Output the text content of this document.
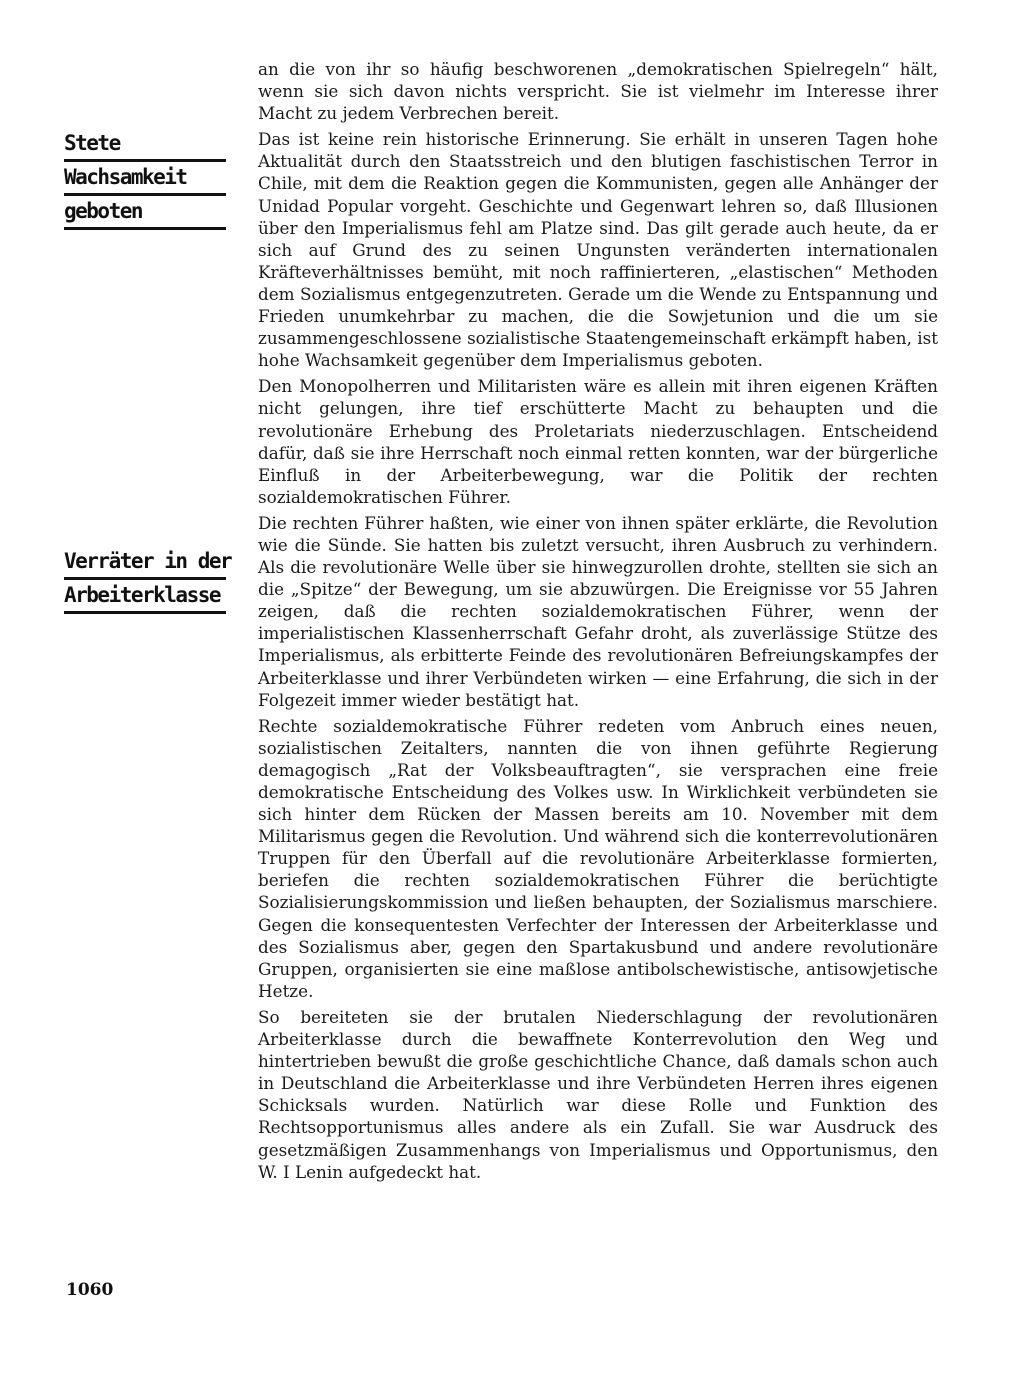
Stete
Wachsamkeit
geboten
Verräter in der
Arbeiterklasse

an die von ihr so häufig beschworenen „demokratischen Spielregeln“ hält, wenn sie sich davon nichts verspricht. Sie ist vielmehr im Interesse ihrer Macht zu jedem Verbrechen bereit.

Das ist keine rein historische Erinnerung. Sie erhält in unseren Tagen hohe Aktualität durch den Staatsstreich und den blutigen faschistischen Terror in Chile, mit dem die Reaktion gegen die Kommunisten, gegen alle Anhänger der Unidad Popular vorgeht. Geschichte und Gegenwart lehren so, daß Illusionen über den Imperialismus fehl am Platze sind. Das gilt gerade auch heute, da er sich auf Grund des zu seinen Ungunsten veränderten internationalen Kräfteverhältnisses bemüht, mit noch raffinierteren, „elastischen“ Methoden dem Sozialismus entgegenzutreten. Gerade um die Wende zu Entspannung und Frieden unumkehrbar zu machen, die die Sowjetunion und die um sie zusammengeschlossene sozialistische Staatengemeinschaft erkämpft haben, ist hohe Wachsamkeit gegenüber dem Imperialismus geboten.

Den Monopolherren und Militaristen wäre es allein mit ihren eigenen Kräften nicht gelungen, ihre tief erschütterte Macht zu behaupten und die revolutionäre Erhebung des Proletariats niederzuschlagen. Entscheidend dafür, daß sie ihre Herrschaft noch einmal retten konnten, war der bürgerliche Einfluß in der Arbeiterbewegung, war die Politik der rechten sozialdemokratischen Führer.

Die rechten Führer haßten, wie einer von ihnen später erklärte, die Revolution wie die Sünde. Sie hatten bis zuletzt versucht, ihren Ausbruch zu verhindern. Als die revolutionäre Welle über sie hinwegzurollen drohte, stellten sie sich an die „Spitze“ der Bewegung, um sie abzuwürgen. Die Ereignisse vor 55 Jahren zeigen, daß die rechten sozialdemokratischen Führer, wenn der imperialistischen Klassenherrschaft Gefahr droht, als zuverlässige Stütze des Imperialismus, als erbitterte Feinde des revolutionären Befreiungskampfes der Arbeiterklasse und ihrer Verbündeten wirken — eine Erfahrung, die sich in der Folgezeit immer wieder bestätigt hat.

Rechte sozialdemokratische Führer redeten vom Anbruch eines neuen, sozialistischen Zeitalters, nannten die von ihnen geführte Regierung demagogisch „Rat der Volksbeauftragten“, sie versprachen eine freie demokratische Entscheidung des Volkes usw. In Wirklichkeit verbündeten sie sich hinter dem Rücken der Massen bereits am 10. November mit dem Militarismus gegen die Revolution. Und während sich die konterrevolutionären Truppen für den Überfall auf die revolutionäre Arbeiterklasse formierten, beriefen die rechten sozialdemokratischen Führer die berüchtigte Sozialisierungskommission und ließen behaupten, der Sozialismus marschiere. Gegen die konsequentesten Verfechter der Interessen der Arbeiterklasse und des Sozialismus aber, gegen den Spartakusbund und andere revolutionäre Gruppen, organisierten sie eine maßlose antibolschewistische, antisowjetische Hetze.

So bereiteten sie der brutalen Niederschlagung der revolutionären Arbeiterklasse durch die bewaffnete Konterrevolution den Weg und hintertrieben bewußt die große geschichtliche Chance, daß damals schon auch in Deutschland die Arbeiterklasse und ihre Verbündeten Herren ihres eigenen Schicksals wurden. Natürlich war diese Rolle und Funktion des Rechtsopportunismus alles andere als ein Zufall. Sie war Ausdruck des gesetzmäßigen Zusammenhangs von Imperialismus und Opportunismus, den W. I Lenin aufgedeckt hat.

1060
